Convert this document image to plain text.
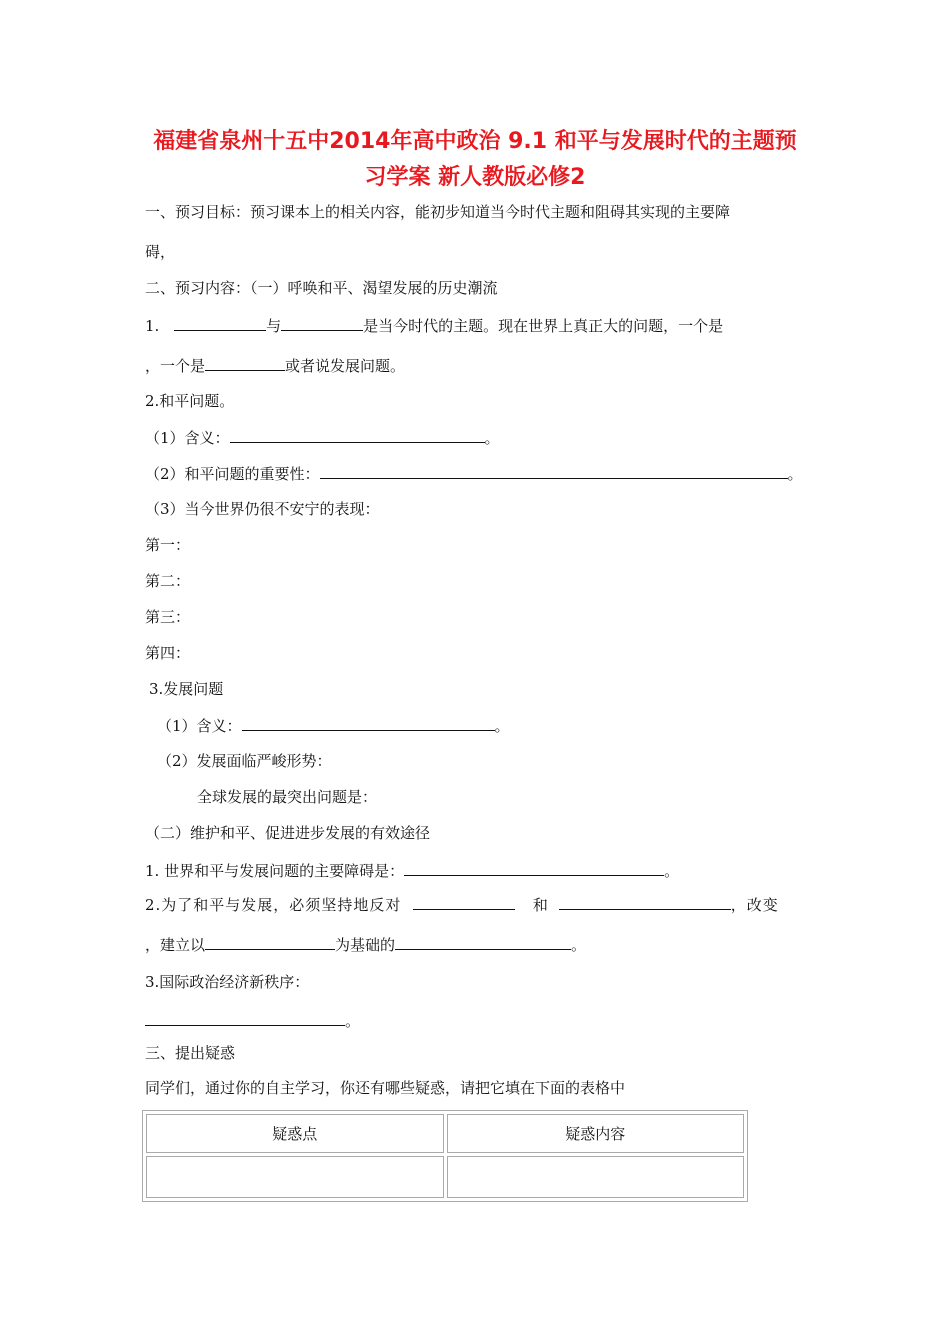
福建省泉州十五中2014年高中政治 9.1 和平与发展时代的主题预
习学案 新人教版必修2
一、预习目标：预习课本上的相关内容，能初步知道当今时代主题和阻碍其实现的主要障
碍，
二、预习内容：（一）呼唤和平、渴望发展的历史潮流
1.	与	是当今时代的主题。现在世界上真正大的问题，一个是
，一个是	或者说发展问题。
2.和平问题。
（1）含义：	。
（2）和平问题的重要性：	。
（3）当今世界仍很不安宁的表现：
第一：
第二：
第三：
第四：
3.发展问题
（1）含义：	。
（2）发展面临严峻形势：
全球发展的最突出问题是：
（二）维护和平、促进进步发展的有效途径
1. 世界和平与发展问题的主要障碍是：	。
2.为了和平与发展，必须坚持地反对	和	，改变
，建立以	为基础的	。
3.国际政治经济新秩序：
。
三、提出疑惑
同学们，通过你的自主学习，你还有哪些疑惑，请把它填在下面的表格中
疑惑点	疑惑内容
